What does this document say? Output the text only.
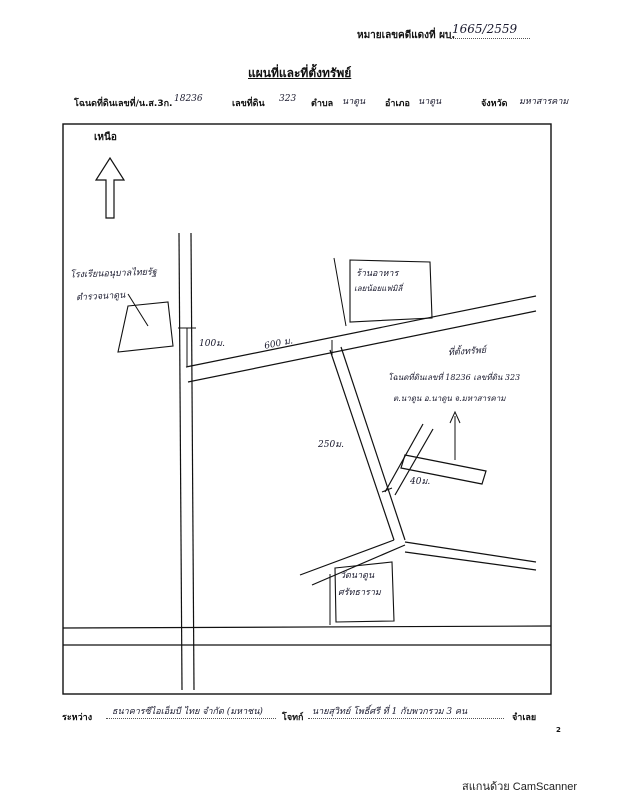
หมายเลขคดีแดงที่ ผบ.
1665/2559
แผนที่และที่ตั้งทรัพย์
โฉนดที่ดินเลขที่/น.ส.3ก. 18236	เลขที่ดิน 323 ตำบล นาดูน อำเภอ นาดูน	จังหวัด มหาสารคาม
เหนือ
โรงเรียนอนุบาลไทยรัฐ
ตำรวจนาดูน
ร้านอาหาร
เลยน้อยแฟมิลี่
100ม.	600 ม.
250ม.
40ม.
ที่ตั้งทรัพย์
โฉนดที่ดินเลขที่ 18236 เลขที่ดิน 323
ต.นาดูน อ.นาดูน จ.มหาสารคาม
วัดนาดูน
ศรัทธาราม
ระหว่าง
ธนาคารซีไอเอ็มบี ไทย จำกัด (มหาชน)
โจทก์
นายสุวิทย์ โพธิ์ศรี ที่ 1 กับพวกรวม 3 คน
จำเลย
2
สแกนด้วย CamScanner
